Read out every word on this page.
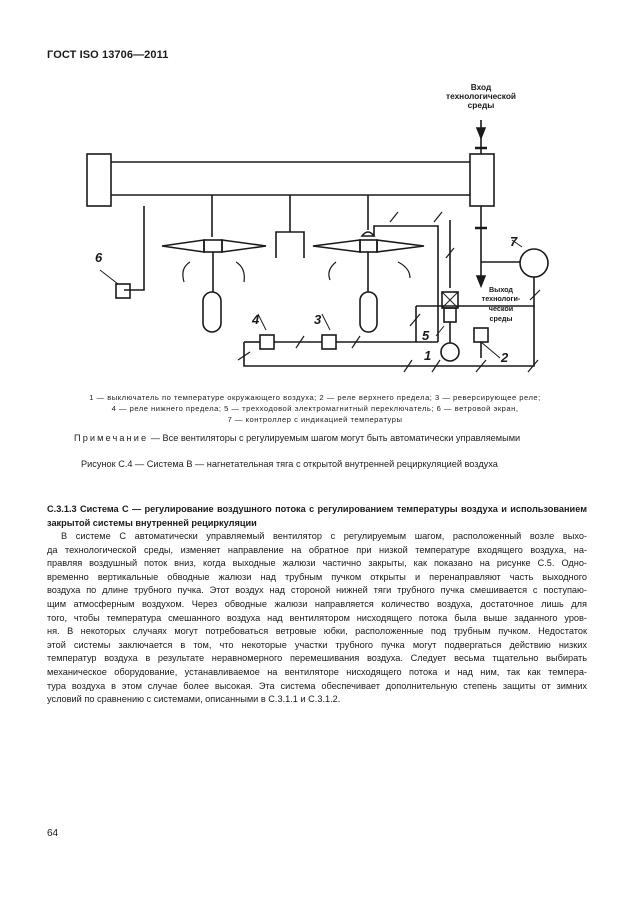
ГОСТ ISO 13706—2011
Вход
технологической
среды
Выход
технологи-
ческой
среды
1	2
3
4
5
6
7
1 — выключатель по температуре окружающего воздуха; 2 — реле верхнего предела; 3 — реверсирующее реле;
4 — реле нижнего предела; 5 — трехходовой электромагнитный переключатель; 6 — ветровой экран,
7 — контроллер с индикацией температуры
Примечание — Все вентиляторы с регулируемым шагом могут быть автоматически управляемыми
Рисунок С.4 — Система В — нагнетательная тяга с открытой внутренней рециркуляцией воздуха
С.3.1.3 Система С — регулирование воздушного потока с регулированием температуры воздуха и использованием закрытой системы внутренней рециркуляции
В системе С автоматически управляемый вентилятор с регулируемым шагом, расположенный возле выхо-
да технологической среды, изменяет направление на обратное при низкой температуре входящего воздуха, на-
правляя воздушный поток вниз, когда выходные жалюзи частично закрыты, как показано на рисунке С.5. Одно-
временно вертикальные обводные жалюзи над трубным пучком открыты и перенаправляют часть выходного
воздуха по длине трубного пучка. Этот воздух над стороной нижней тяги трубного пучка смешивается с поступаю-
щим атмосферным воздухом. Через обводные жалюзи направляется количество воздуха, достаточное лишь для
того, чтобы температура смешанного воздуха над вентилятором нисходящего потока была выше заданного уров-
ня. В некоторых случаях могут потребоваться ветровые юбки, расположенные под трубным пучком. Недостаток
этой системы заключается в том, что некоторые участки трубного пучка могут подвергаться действию низких
температур воздуха в результате неравномерного перемешивания воздуха. Следует весьма тщательно выбирать
механическое оборудование, устанавливаемое на вентиляторе нисходящего потока и над ним, так как темпера-
тура воздуха в этом случае более высокая. Эта система обеспечивает дополнительную степень защиты от зимних
условий по сравнению с системами, описанными в С.3.1.1 и С.3.1.2.
64
